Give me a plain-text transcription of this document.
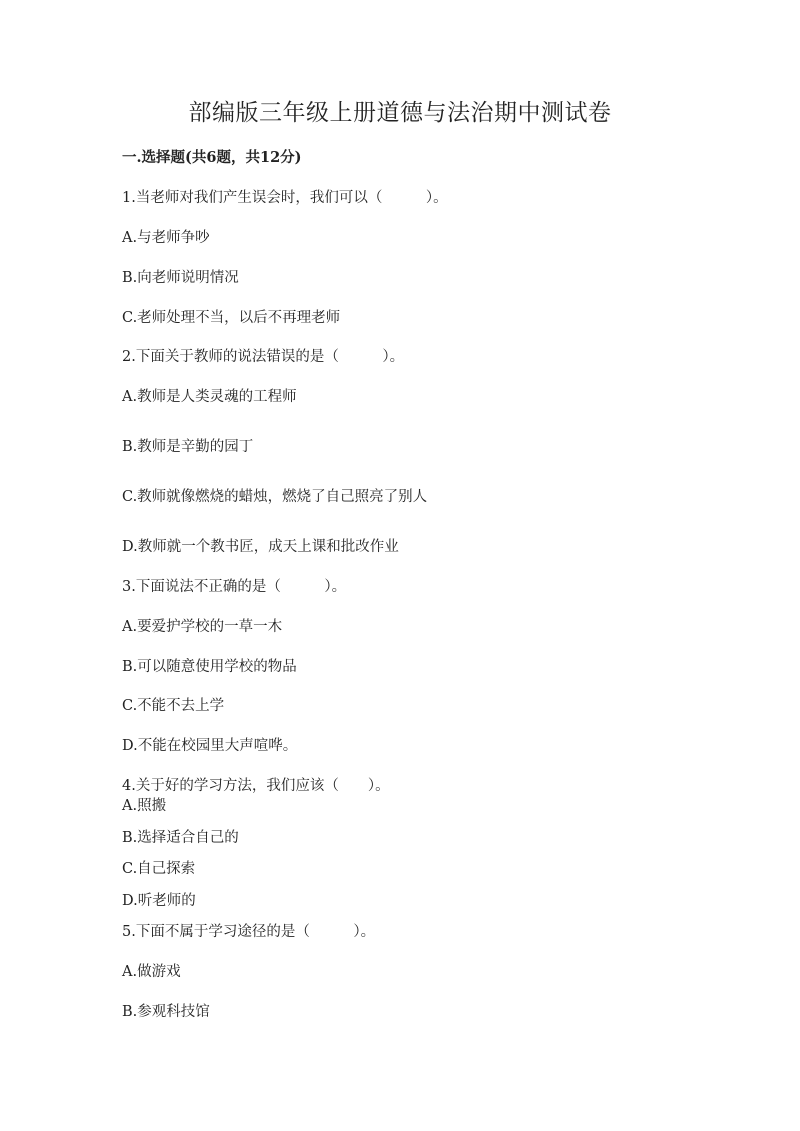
部编版三年级上册道德与法治期中测试卷
一.选择题(共6题，共12分)
1.当老师对我们产生误会时，我们可以（　　　）。
A.与老师争吵
B.向老师说明情况
C.老师处理不当，以后不再理老师
2.下面关于教师的说法错误的是（　　　）。
A.教师是人类灵魂的工程师
B.教师是辛勤的园丁
C.教师就像燃烧的蜡烛，燃烧了自己照亮了别人
D.教师就一个教书匠，成天上课和批改作业
3.下面说法不正确的是（　　　）。
A.要爱护学校的一草一木
B.可以随意使用学校的物品
C.不能不去上学
D.不能在校园里大声喧哗。
4.关于好的学习方法，我们应该（　　）。
A.照搬
B.选择适合自己的
C.自己探索
D.听老师的
5.下面不属于学习途径的是（　　　）。
A.做游戏
B.参观科技馆
